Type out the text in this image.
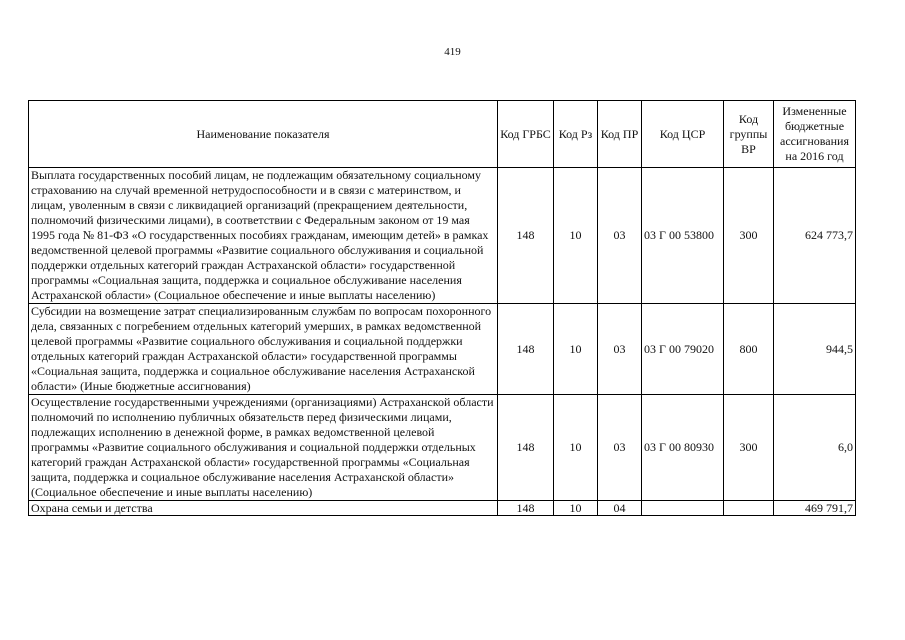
419
Наименование показателя	Код ГРБС	Код Рз	Код ПР	Код ЦСР	Код группы ВР	Измененные бюджетные ассигнования на 2016 год
Выплата государственных пособий лицам, не подлежащим обязательному социальному страхованию на случай временной нетрудоспособности и в связи с материнством, и лицам, уволенным в связи с ликвидацией организаций (прекращением деятельности, полномочий физическими лицами), в соответствии с Федеральным законом от 19 мая 1995 года № 81-ФЗ «О государственных пособиях гражданам, имеющим детей» в рамках ведомственной целевой программы «Развитие социального обслуживания и социальной поддержки отдельных категорий граждан Астраханской области» государственной программы «Социальная защита, поддержка и социальное обслуживание населения Астраханской области» (Социальное обеспечение и иные выплаты населению)	148	10	03	03 Г 00 53800	300	624 773,7
Субсидии на возмещение затрат специализированным службам по вопросам похоронного дела, связанных с погребением отдельных категорий умерших, в рамках ведомственной целевой программы «Развитие социального обслуживания и социальной поддержки отдельных категорий граждан Астраханской области» государственной программы «Социальная защита, поддержка и социальное обслуживание населения Астраханской области» (Иные бюджетные ассигнования)	148	10	03	03 Г 00 79020	800	944,5
Осуществление государственными учреждениями (организациями) Астраханской области полномочий по исполнению публичных обязательств перед физическими лицами, подлежащих исполнению в денежной форме, в рамках ведомственной целевой программы «Развитие социального обслуживания и социальной поддержки отдельных категорий граждан Астраханской области» государственной программы «Социальная защита, поддержка и социальное обслуживание населения Астраханской области» (Социальное обеспечение и иные выплаты населению)	148	10	03	03 Г 00 80930	300	6,0
Охрана семьи и детства	148	10	04			469 791,7
